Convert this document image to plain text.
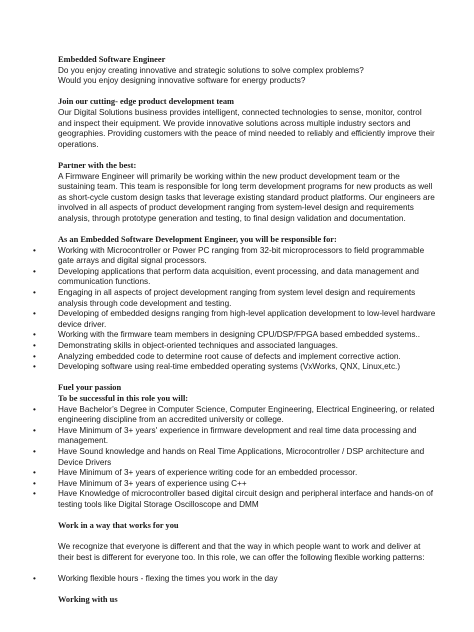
Embedded Software Engineer

Do you enjoy creating innovative and strategic solutions to solve complex problems?

Would you enjoy designing innovative software for energy products?

Join our cutting- edge product development team

Our Digital Solutions business provides intelligent, connected technologies to sense, monitor, control and inspect their equipment. We provide innovative solutions across multiple industry sectors and geographies. Providing customers with the peace of mind needed to reliably and efficiently improve their operations.

Partner with the best:

A Firmware Engineer will primarily be working within the new product development team or the sustaining team. This team is responsible for long term development programs for new products as well as short-cycle custom design tasks that leverage existing standard product platforms. Our engineers are involved in all aspects of product development ranging from system-level design and requirements analysis, through prototype generation and testing, to final design validation and documentation.

As an Embedded Software Development Engineer, you will be responsible for:

• Working with Microcontroller or Power PC ranging from 32-bit microprocessors to field programmable gate arrays and digital signal processors.
• Developing applications that perform data acquisition, event processing, and data management and communication functions.
• Engaging in all aspects of project development ranging from system level design and requirements analysis through code development and testing.
• Developing of embedded designs ranging from high-level application development to low-level hardware device driver.
• Working with the firmware team members in designing CPU/DSP/FPGA based embedded systems..
• Demonstrating skills in object-oriented techniques and associated languages.
• Analyzing embedded code to determine root cause of defects and implement corrective action.
• Developing software using real-time embedded operating systems (VxWorks, QNX, Linux,etc.)

Fuel your passion

To be successful in this role you will:

• Have Bachelor’s Degree in Computer Science, Computer Engineering, Electrical Engineering, or related engineering discipline from an accredited university or college.
• Have Minimum of 3+ years' experience in firmware development and real time data processing and management.
• Have Sound knowledge and hands on Real Time Applications, Microcontroller / DSP architecture and Device Drivers
• Have Minimum of 3+ years of experience writing code for an embedded processor.
• Have Minimum of 3+ years of experience using C++
• Have Knowledge of microcontroller based digital circuit design and peripheral interface and hands-on of testing tools like Digital Storage Oscilloscope and DMM

Work in a way that works for you

We recognize that everyone is different and that the way in which people want to work and deliver at their best is different for everyone too. In this role, we can offer the following flexible working patterns:

• Working flexible hours - flexing the times you work in the day

Working with us
